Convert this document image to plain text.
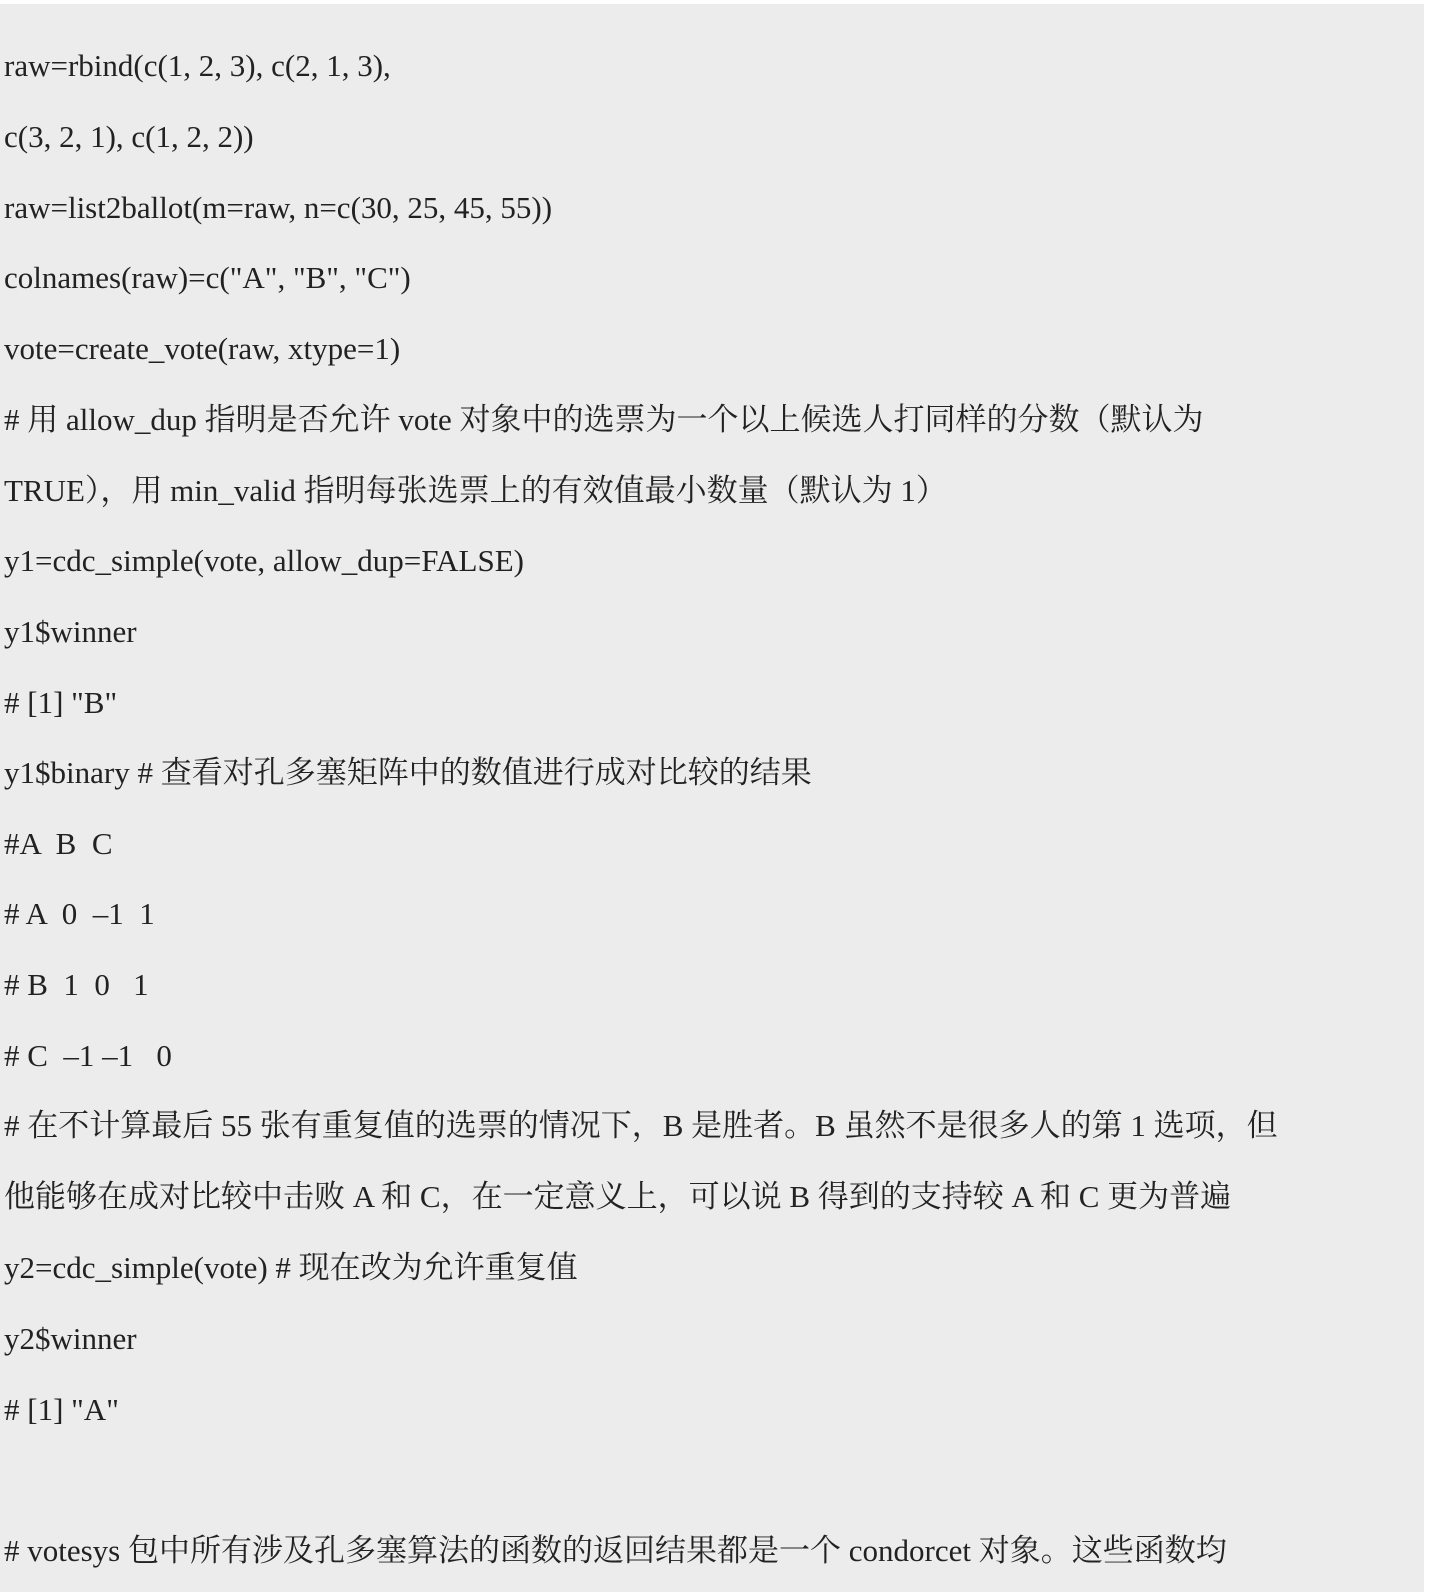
raw=rbind(c(1, 2, 3), c(2, 1, 3),
c(3, 2, 1), c(1, 2, 2))
raw=list2ballot(m=raw, n=c(30, 25, 45, 55))
colnames(raw)=c("A", "B", "C")
vote=create_vote(raw, xtype=1)
# 用 allow_dup 指明是否允许 vote 对象中的选票为一个以上候选人打同样的分数（默认为
TRUE），用 min_valid 指明每张选票上的有效值最小数量（默认为 1）
y1=cdc_simple(vote, allow_dup=FALSE)
y1$winner
# [1] "B"
y1$binary # 查看对孔多塞矩阵中的数值进行成对比较的结果
#A  B  C
# A  0  –1  1
# B  1  0   1
# C  –1 –1   0
# 在不计算最后 55 张有重复值的选票的情况下，B 是胜者。B 虽然不是很多人的第 1 选项，但
他能够在成对比较中击败 A 和 C，在一定意义上，可以说 B 得到的支持较 A 和 C 更为普遍
y2=cdc_simple(vote) # 现在改为允许重复值
y2$winner
# [1] "A"
# votesys 包中所有涉及孔多塞算法的函数的返回结果都是一个 condorcet 对象。这些函数均
